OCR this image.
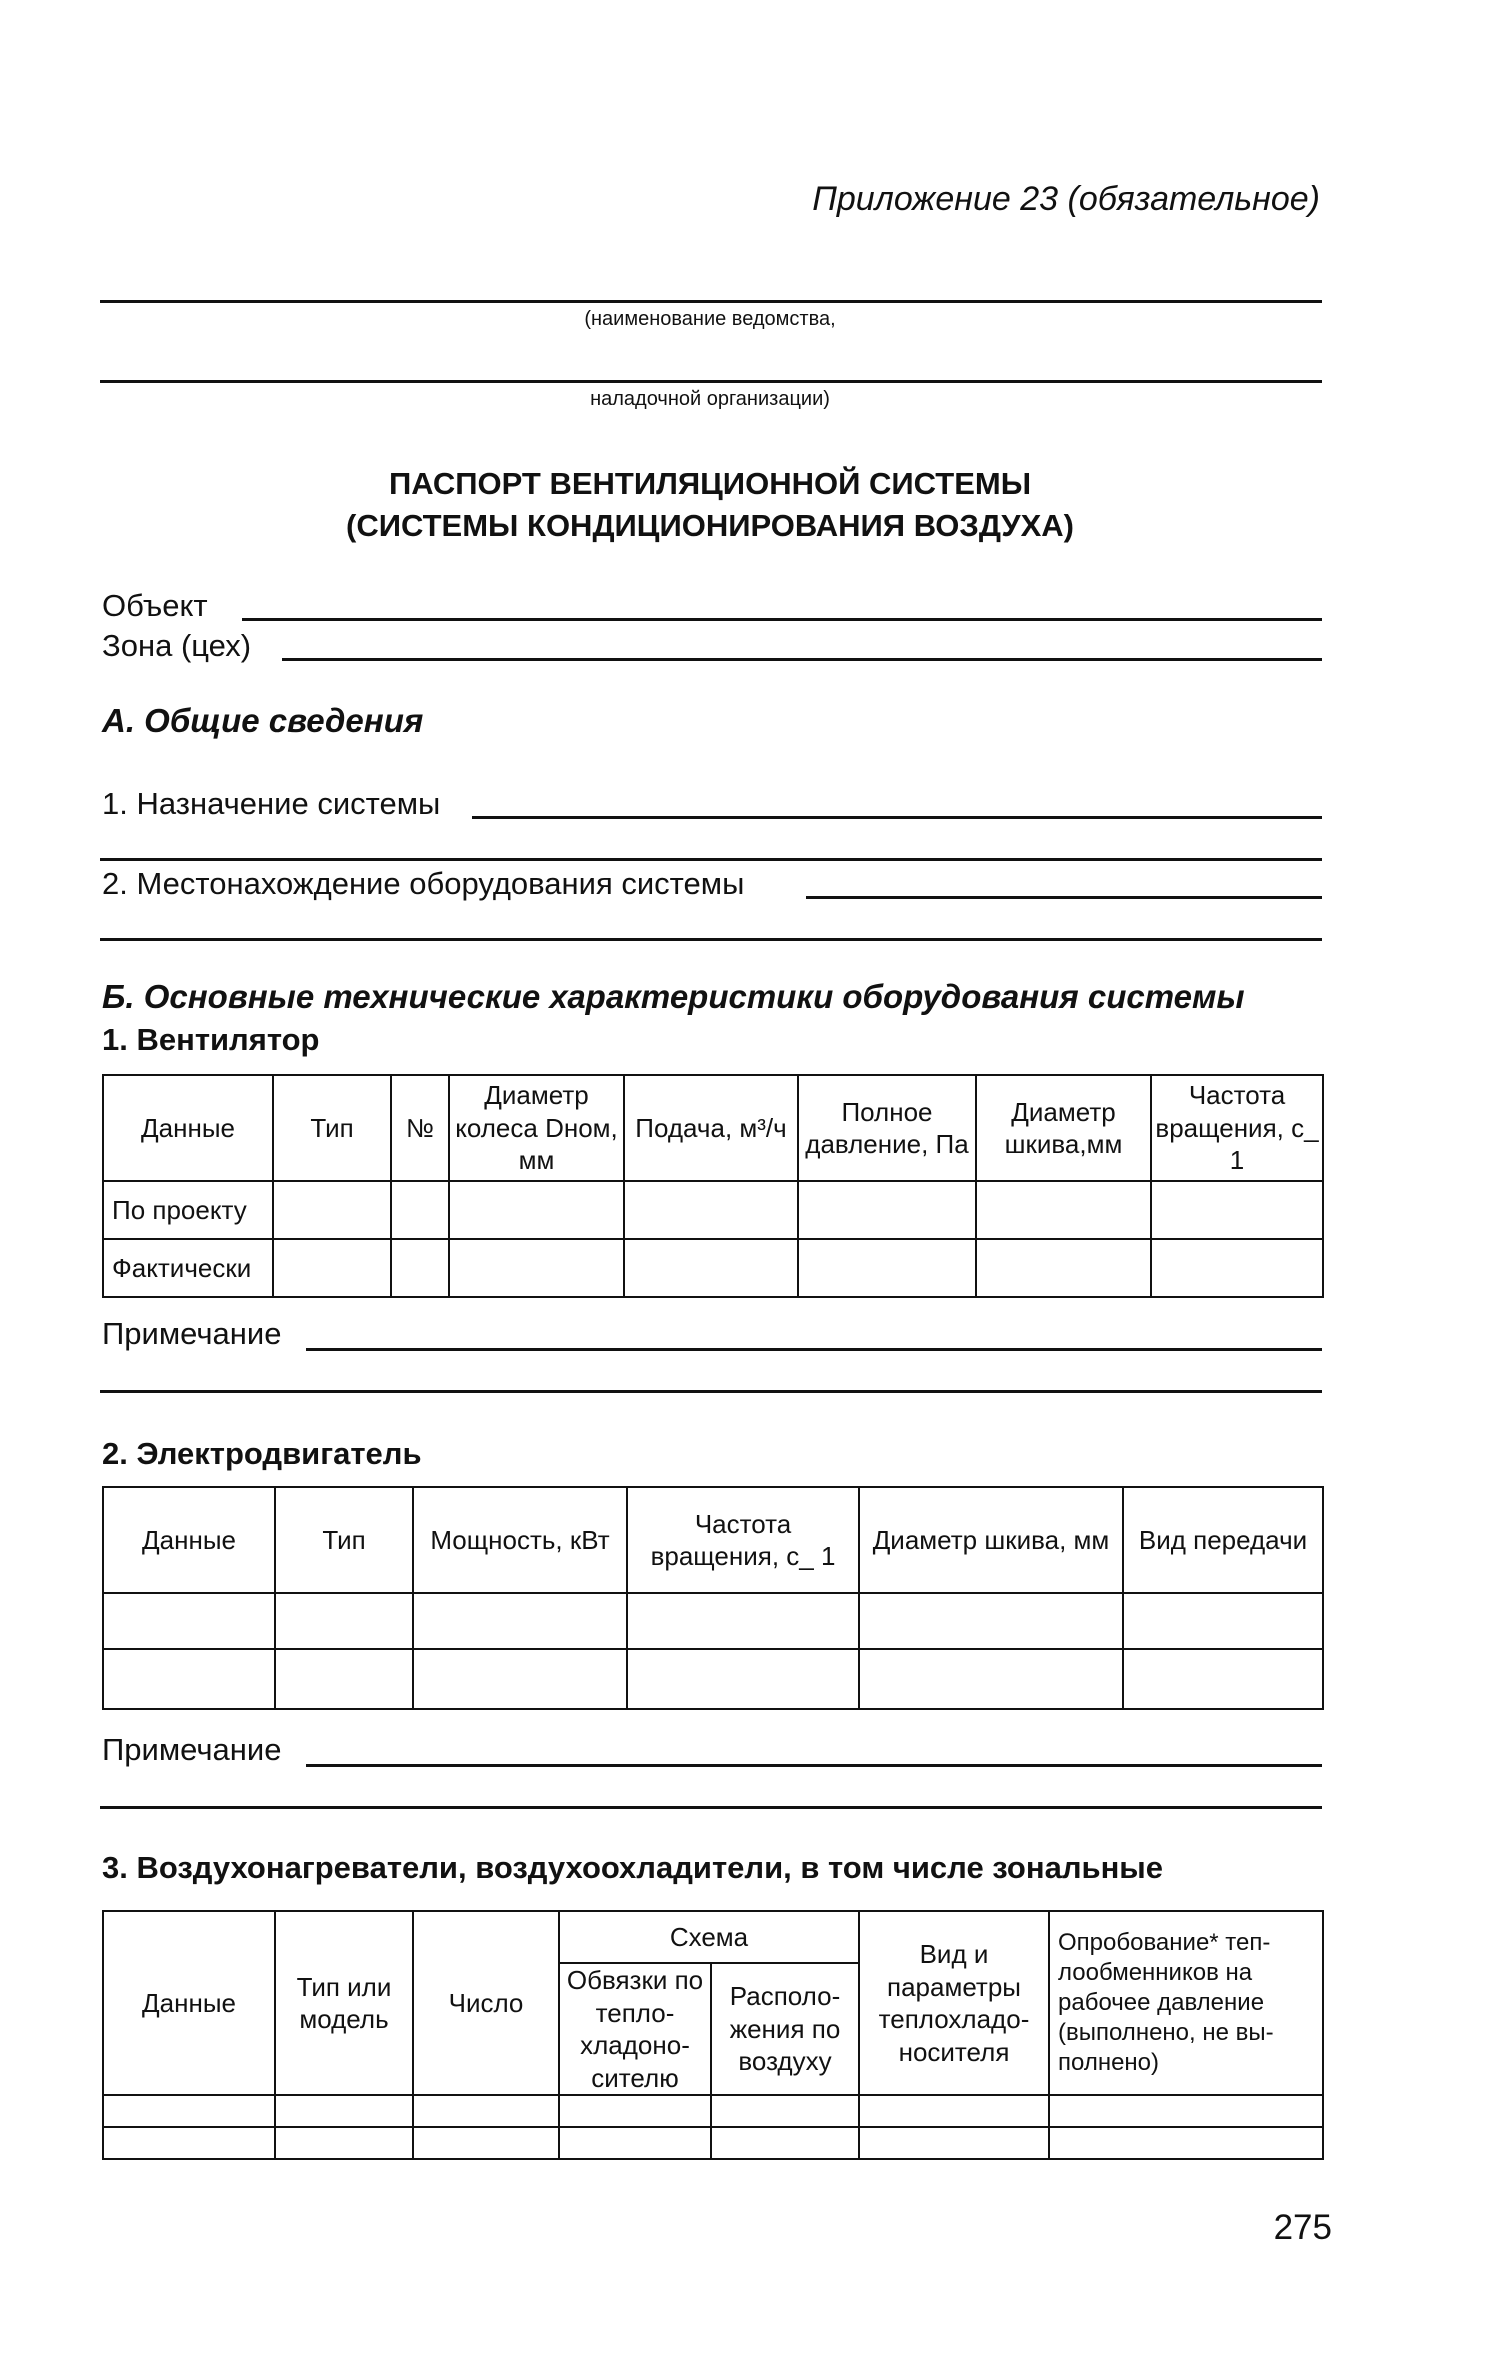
Приложение 23 (обязательное)
(наименование ведомства,
наладочной организации)
ПАСПОРТ ВЕНТИЛЯЦИОННОЙ СИСТЕМЫ
(СИСТЕМЫ КОНДИЦИОНИРОВАНИЯ ВОЗДУХА)
Объект
Зона (цех)
А. Общие сведения
1. Назначение системы
2. Местонахождение оборудования системы
Б. Основные технические характеристики оборудования системы
1. Вентилятор
Данные	Тип	№	Диаметр колеса Dном, мм	Подача, м³/ч	Полное давление, Па	Диаметр шкива,мм	Частота вращения, с_ 1
По проекту							
Фактически							
Примечание
2. Электродвигатель
Данные	Тип	Мощность, кВт	Частота вращения, с_ 1	Диаметр шкива, мм	Вид передачи

Примечание
3. Воздухонагреватели, воздухоохладители, в том числе зональные
Данные	Тип или модель	Число	Схема		Вид и параметры теплохладо-носителя	Опробование* теп-лообменников на рабочее давление (выполнено, не вы-полнено)
			Обвязки по тепло-хладоно-сителю	Располо-жения по воздуху		

275
